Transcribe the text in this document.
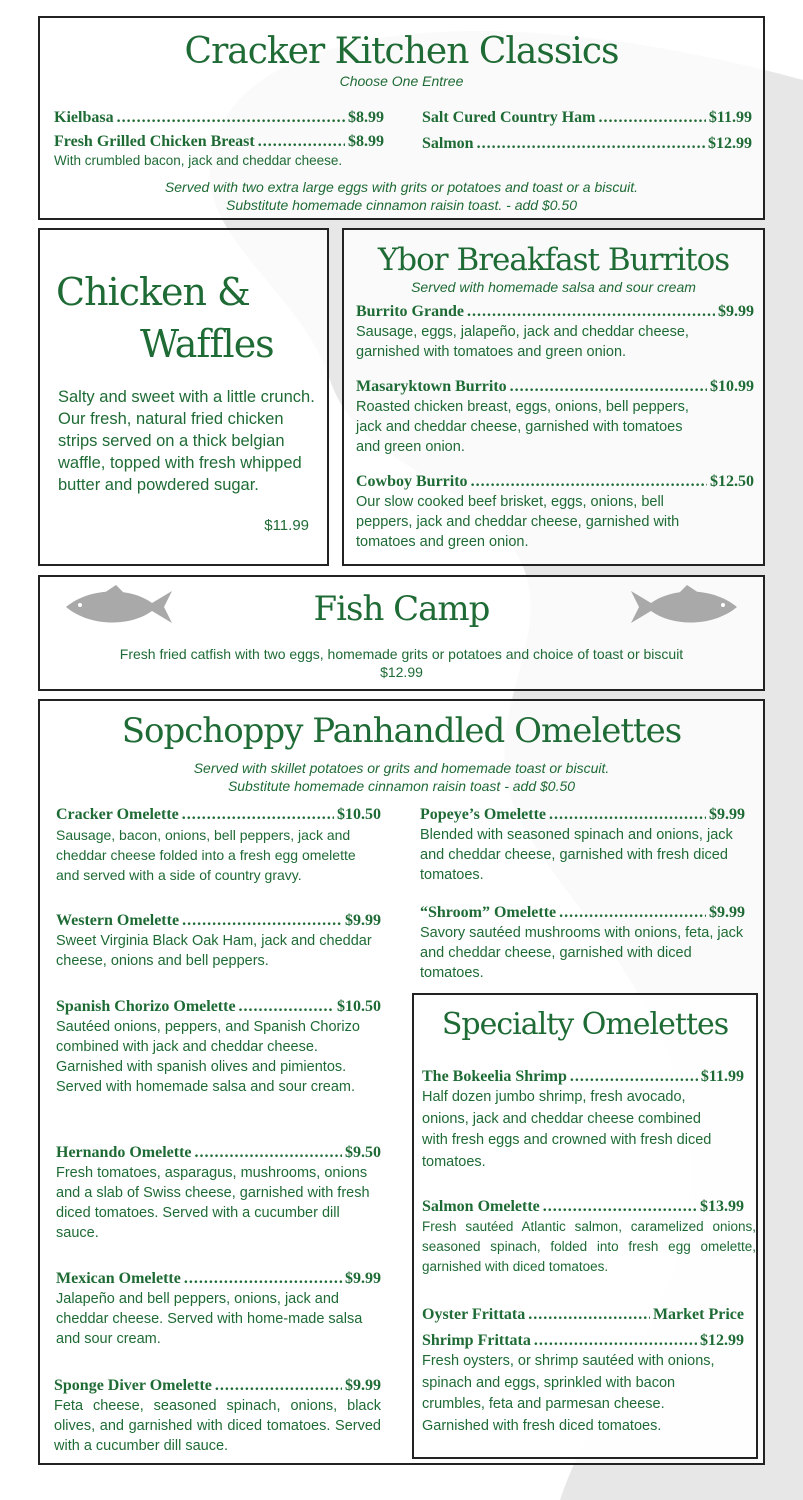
Cracker Kitchen Classics
Choose One Entree
Kielbasa .....	$8.99
Fresh Grilled Chicken Breast .....	$8.99
With crumbled bacon, jack and cheddar cheese.
Salt Cured Country Ham .....	$11.99
Salmon .....	$12.99
Served with two extra large eggs with grits or potatoes and toast or a biscuit.
Substitute homemade cinnamon raisin toast. - add $0.50
Chicken &
Waffles
Salty and sweet with a little crunch. Our fresh, natural fried chicken strips served on a thick belgian waffle, topped with fresh whipped butter and powdered sugar.
$11.99
Ybor Breakfast Burritos
Served with homemade salsa and sour cream
Burrito Grande .....	$9.99
Sausage, eggs, jalapeño, jack and cheddar cheese, garnished with tomatoes and green onion.
Masaryktown Burrito .....	$10.99
Roasted chicken breast, eggs, onions, bell peppers, jack and cheddar cheese, garnished with tomatoes and green onion.
Cowboy Burrito .....	$12.50
Our slow cooked beef brisket, eggs, onions, bell peppers, jack and cheddar cheese, garnished with tomatoes and green onion.
Fish Camp
Fresh fried catfish with two eggs, homemade grits or potatoes and choice of toast or biscuit
$12.99
Sopchoppy Panhandled Omelettes
Served with skillet potatoes or grits and homemade toast or biscuit.
Substitute homemade cinnamon raisin toast - add $0.50
Cracker Omelette .....	$10.50
Sausage, bacon, onions, bell peppers, jack and cheddar cheese folded into a fresh egg omelette and served with a side of country gravy.
Western Omelette .....	$9.99
Sweet Virginia Black Oak Ham, jack and cheddar cheese, onions and bell peppers.
Spanish Chorizo Omelette .....	$10.50
Sautéed onions, peppers, and Spanish Chorizo combined with jack and cheddar cheese. Garnished with spanish olives and pimientos. Served with homemade salsa and sour cream.
Hernando Omelette .....	$9.50
Fresh tomatoes, asparagus, mushrooms, onions and a slab of Swiss cheese, garnished with fresh diced tomatoes. Served with a cucumber dill sauce.
Mexican Omelette .....	$9.99
Jalapeño and bell peppers, onions, jack and cheddar cheese. Served with home-made salsa and sour cream.
Sponge Diver Omelette .....	$9.99
Feta cheese, seasoned spinach, onions, black olives, and garnished with diced tomatoes. Served with a cucumber dill sauce.
Popeye’s Omelette .....	$9.99
Blended with seasoned spinach and onions, jack and cheddar cheese, garnished with fresh diced tomatoes.
“Shroom” Omelette .....	$9.99
Savory sautéed mushrooms with onions, feta, jack and cheddar cheese, garnished with diced tomatoes.
Specialty Omelettes
The Bokeelia Shrimp .....	$11.99
Half dozen jumbo shrimp, fresh avocado, onions, jack and cheddar cheese combined with fresh eggs and crowned with fresh diced tomatoes.
Salmon Omelette .....	$13.99
Fresh sautéed Atlantic salmon, caramelized onions, seasoned spinach, folded into fresh egg omelette, garnished with diced tomatoes.
Oyster Frittata .....	Market Price
Shrimp Frittata .....	$12.99
Fresh oysters, or shrimp sautéed with onions, spinach and eggs, sprinkled with bacon crumbles, feta and parmesan cheese. Garnished with fresh diced tomatoes.
